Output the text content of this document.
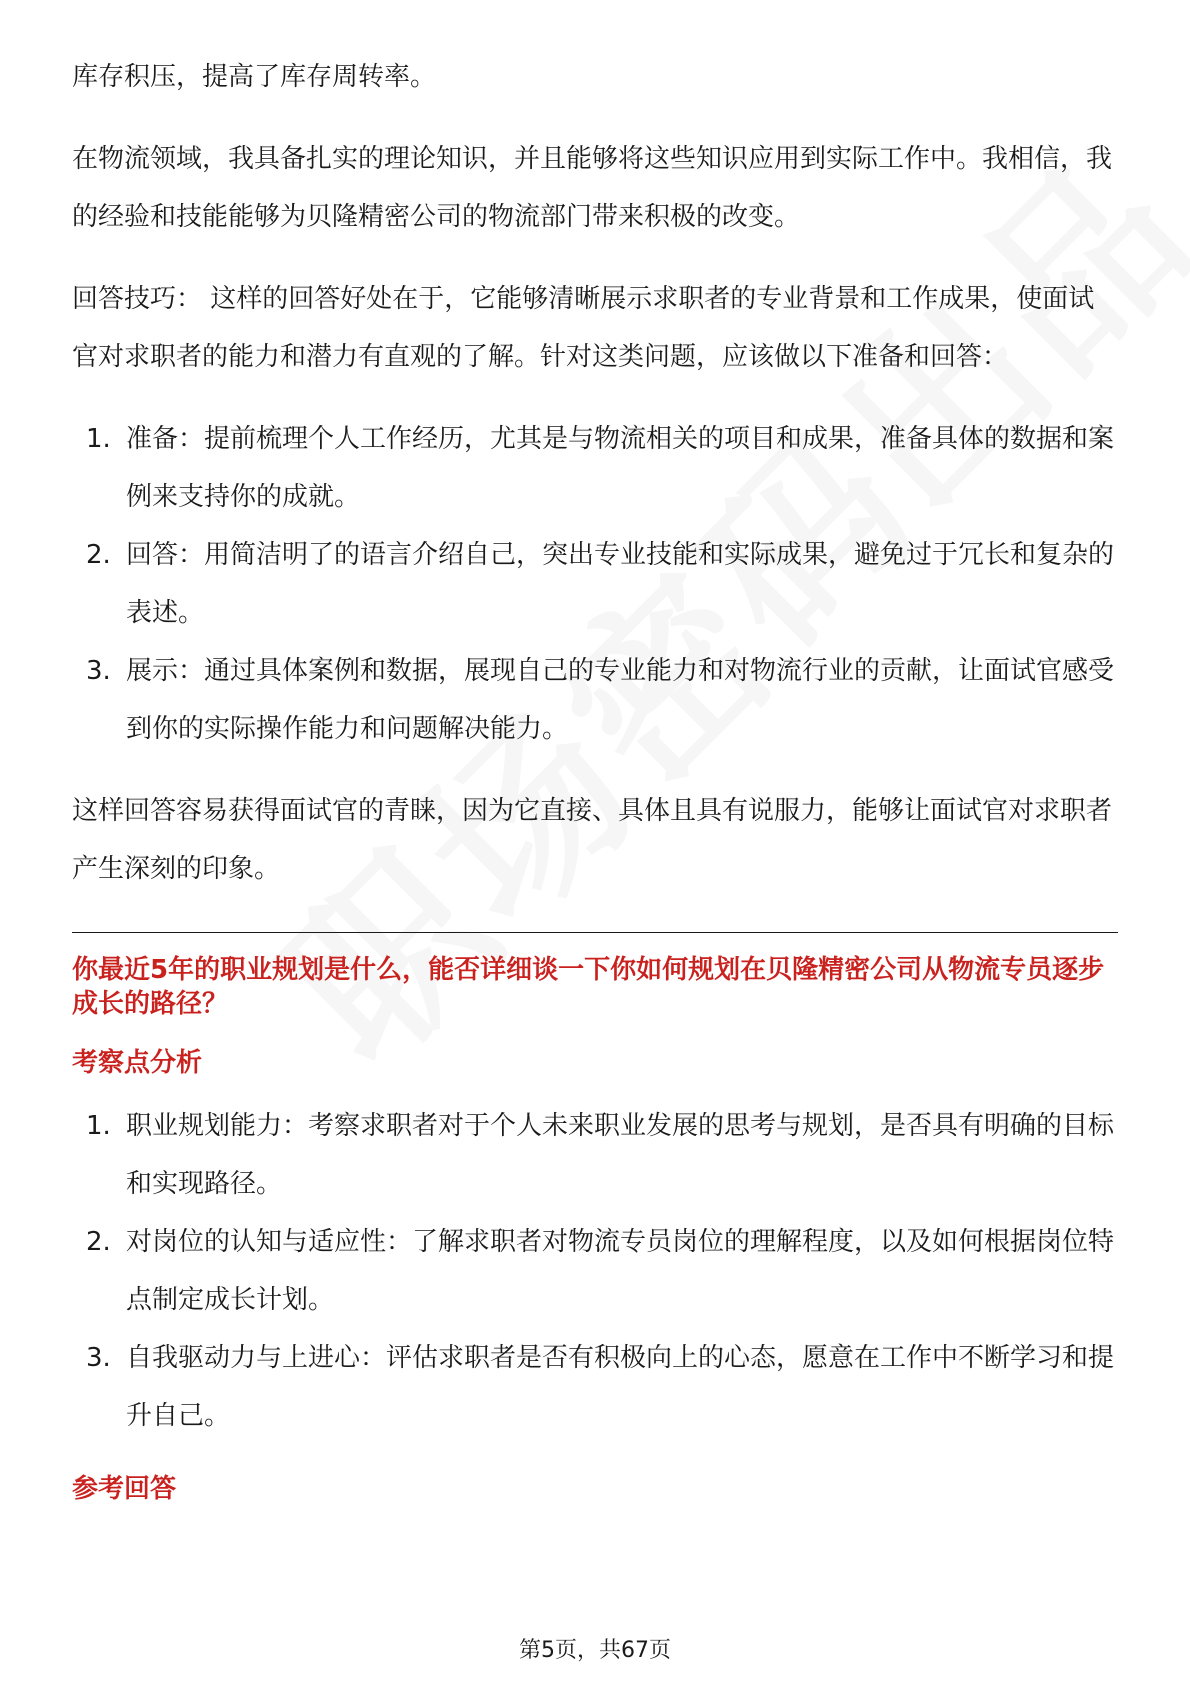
库存积压，提高了库存周转率。

在物流领域，我具备扎实的理论知识，并且能够将这些知识应用到实际工作中。我相信，我的经验和技能能够为贝隆精密公司的物流部门带来积极的改变。

回答技巧： 这样的回答好处在于，它能够清晰展示求职者的专业背景和工作成果，使面试官对求职者的能力和潜力有直观的了解。针对这类问题，应该做以下准备和回答：

1. 准备：提前梳理个人工作经历，尤其是与物流相关的项目和成果，准备具体的数据和案例来支持你的成就。
2. 回答：用简洁明了的语言介绍自己，突出专业技能和实际成果，避免过于冗长和复杂的表述。
3. 展示：通过具体案例和数据，展现自己的专业能力和对物流行业的贡献，让面试官感受到你的实际操作能力和问题解决能力。

这样回答容易获得面试官的青睐，因为它直接、具体且具有说服力，能够让面试官对求职者产生深刻的印象。

你最近5年的职业规划是什么，能否详细谈一下你如何规划在贝隆精密公司从物流专员逐步成长的路径？
考察点分析
1. 职业规划能力：考察求职者对于个人未来职业发展的思考与规划，是否具有明确的目标和实现路径。
2. 对岗位的认知与适应性：了解求职者对物流专员岗位的理解程度，以及如何根据岗位特点制定成长计划。
3. 自我驱动力与上进心：评估求职者是否有积极向上的心态，愿意在工作中不断学习和提升自己。
参考回答
第5页，共67页
